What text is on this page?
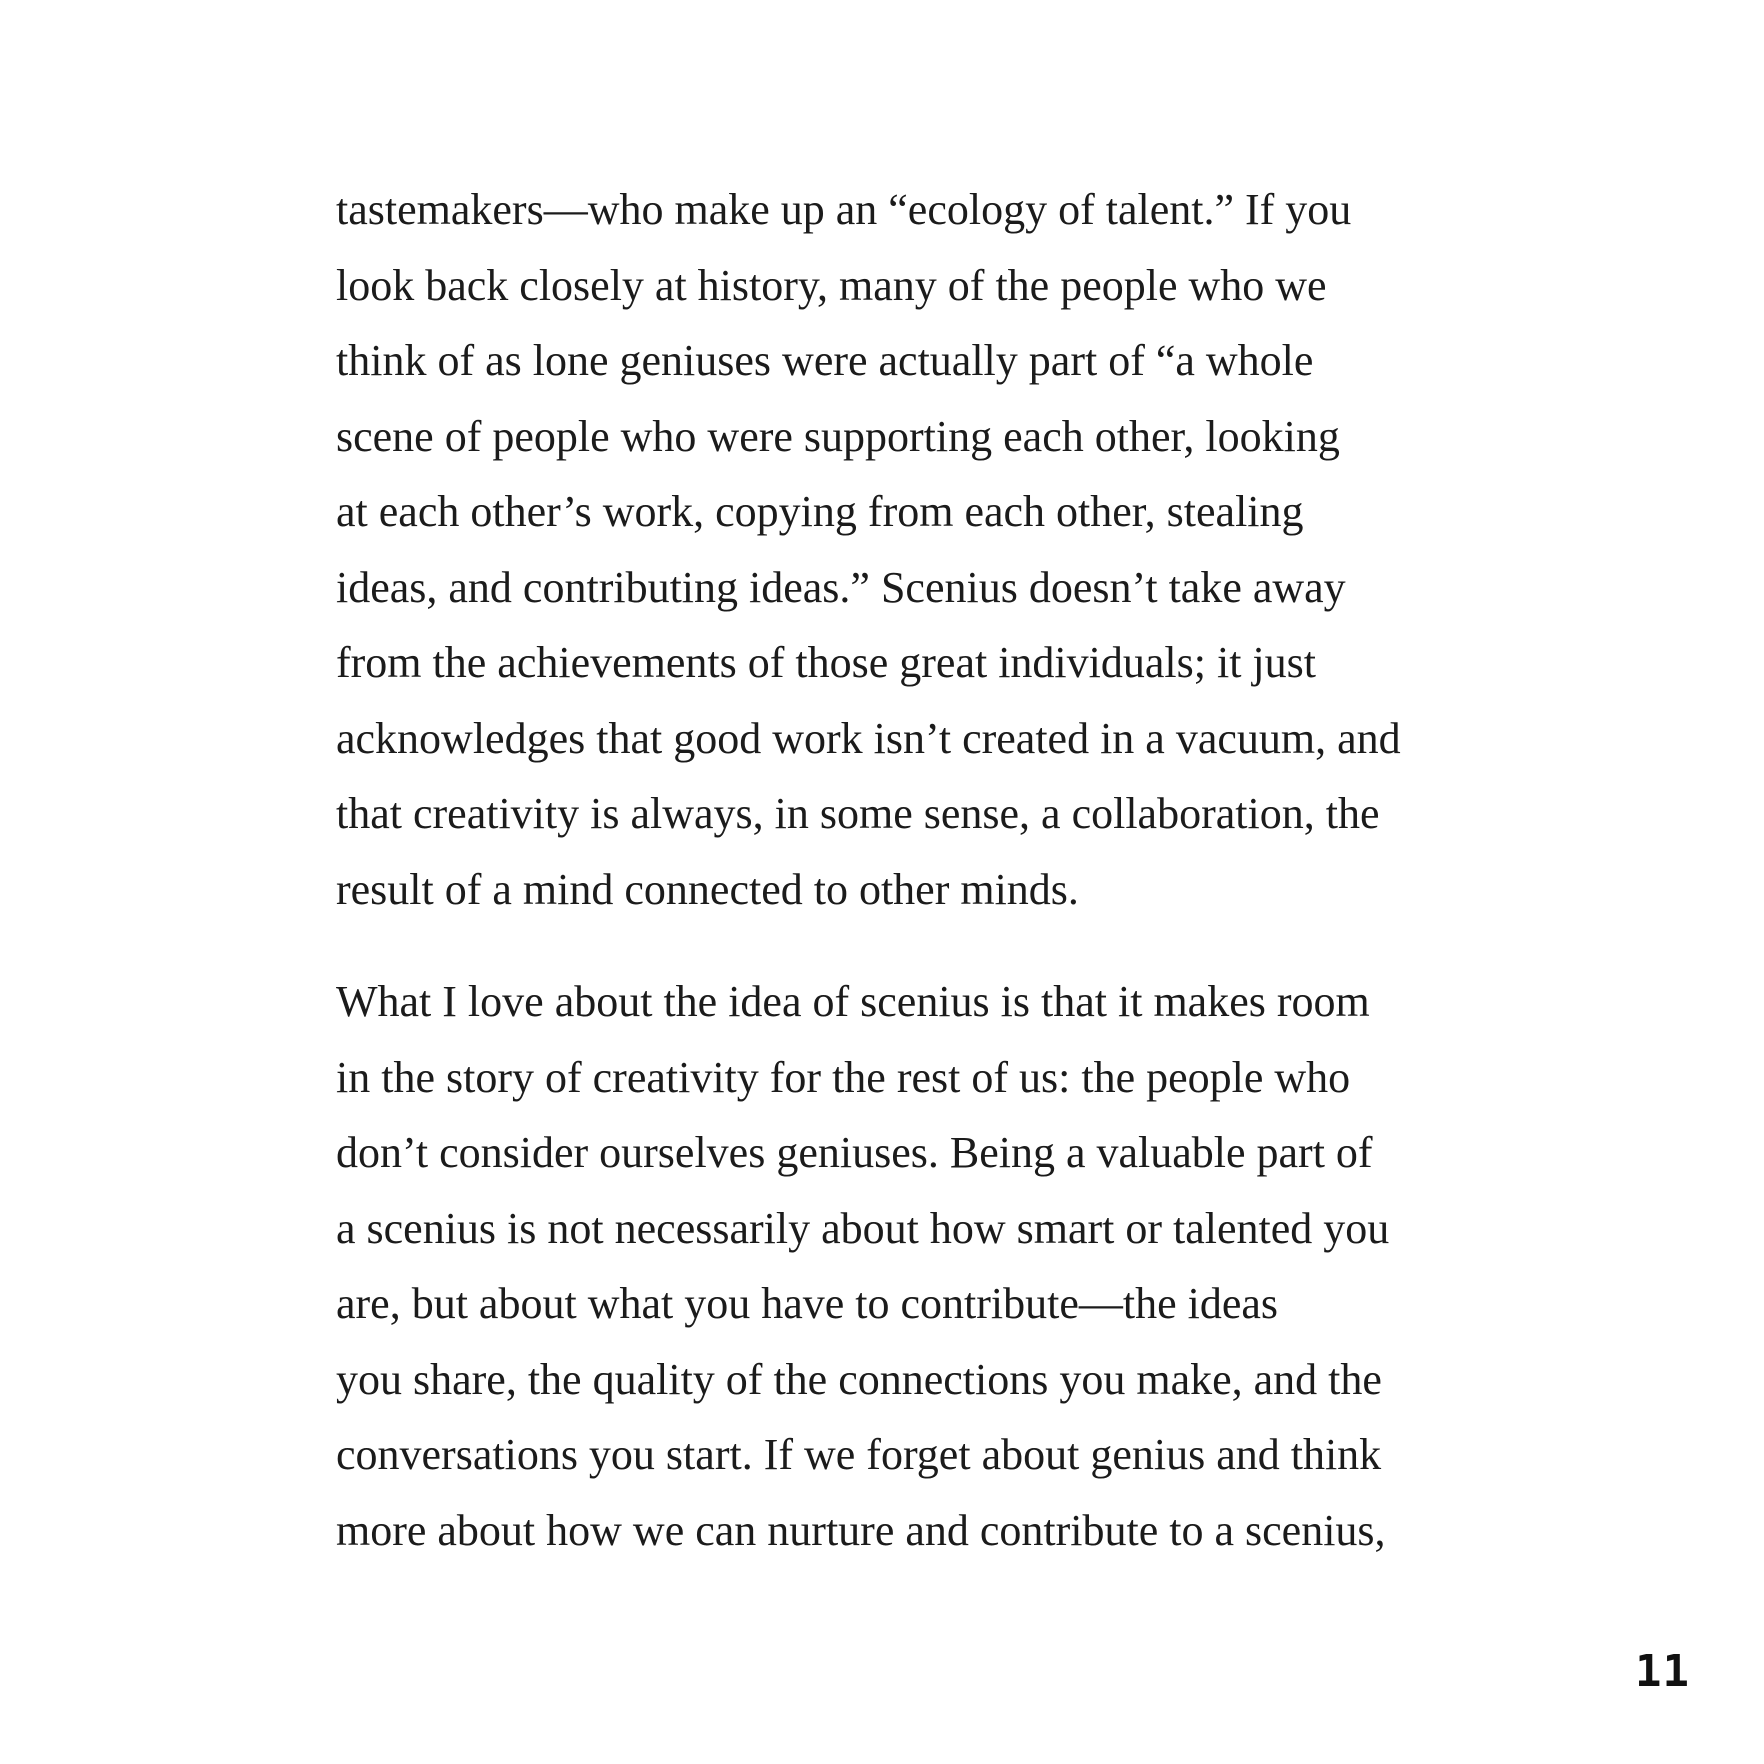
tastemakers—who make up an “ecology of talent.” If you
look back closely at history, many of the people who we
think of as lone geniuses were actually part of “a whole
scene of people who were supporting each other, looking
at each other’s work, copying from each other, stealing
ideas, and contributing ideas.” Scenius doesn’t take away
from the achievements of those great individuals; it just
acknowledges that good work isn’t created in a vacuum, and
that creativity is always, in some sense, a collaboration, the
result of a mind connected to other minds.
What I love about the idea of scenius is that it makes room
in the story of creativity for the rest of us: the people who
don’t consider ourselves geniuses. Being a valuable part of
a scenius is not necessarily about how smart or talented you
are, but about what you have to contribute—the ideas
you share, the quality of the connections you make, and the
conversations you start. If we forget about genius and think
more about how we can nurture and contribute to a scenius,
11
